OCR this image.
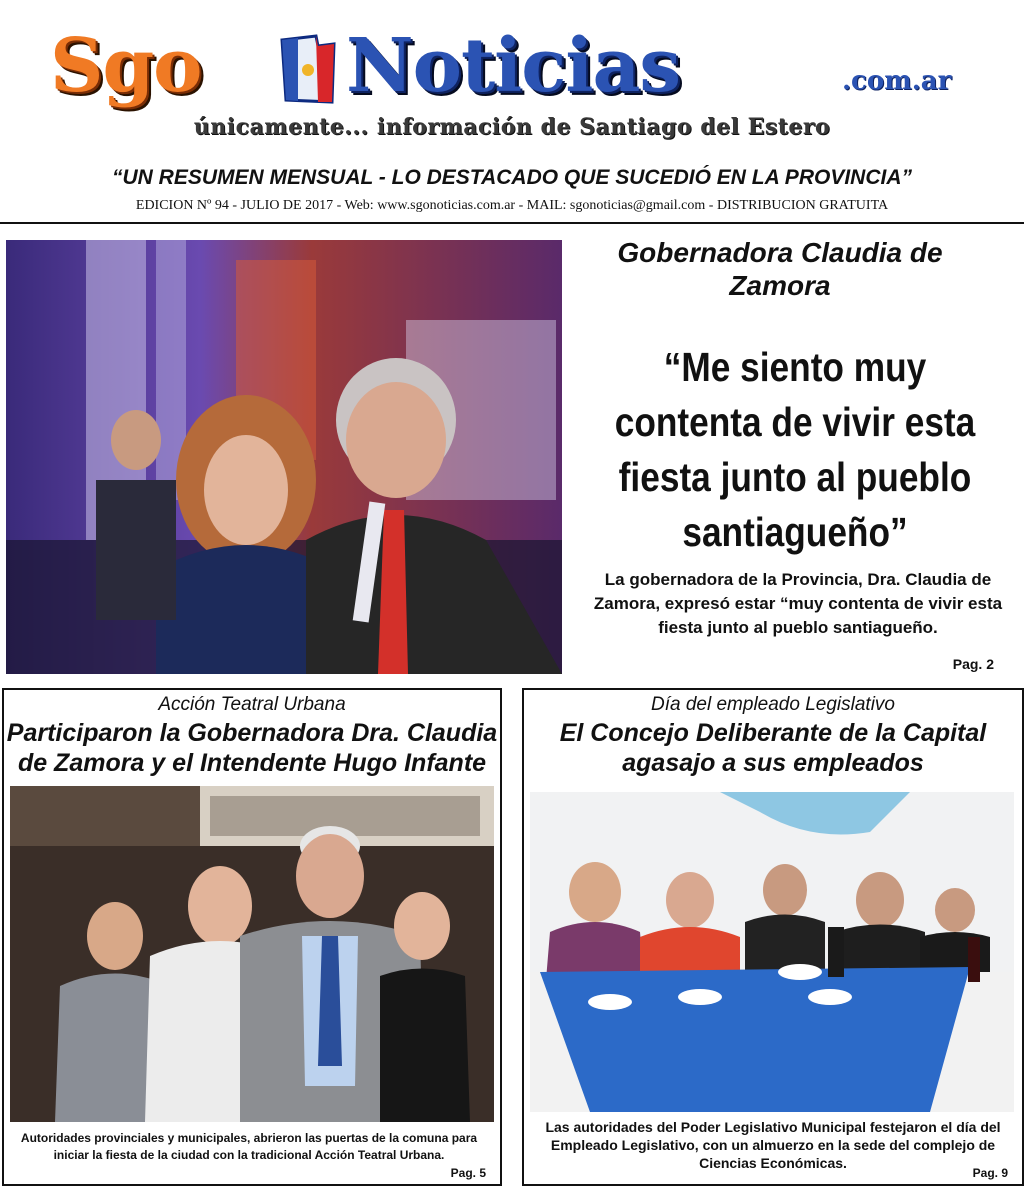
Sgo Noticias	.com.ar
únicamente... información de Santiago del Estero
“UN RESUMEN MENSUAL - LO DESTACADO QUE SUCEDIÓ EN LA PROVINCIA”
EDICION Nº 94 - JULIO DE 2017 - Web: www.sgonoticias.com.ar - MAIL: sgonoticias@gmail.com - DISTRIBUCION GRATUITA
Gobernadora Claudia de Zamora
“Me siento muy contenta de vivir esta fiesta junto al pueblo santiagueño”
La gobernadora de la Provincia, Dra. Claudia de Zamora, expresó estar “muy contenta de vivir esta fiesta junto al pueblo santiagueño.
Pag. 2
Acción Teatral Urbana
Participaron la Gobernadora Dra. Claudia de Zamora y el Intendente Hugo Infante
Autoridades provinciales y municipales, abrieron las puertas de la comuna para iniciar la fiesta de la ciudad con la tradicional Acción Teatral Urbana.
Pag. 5
Día del empleado Legislativo
El Concejo Deliberante de la Capital agasajo a sus empleados
Las autoridades del Poder Legislativo Municipal festejaron el día del Empleado Legislativo, con un almuerzo en la sede del complejo de Ciencias Económicas.
Pag. 9
